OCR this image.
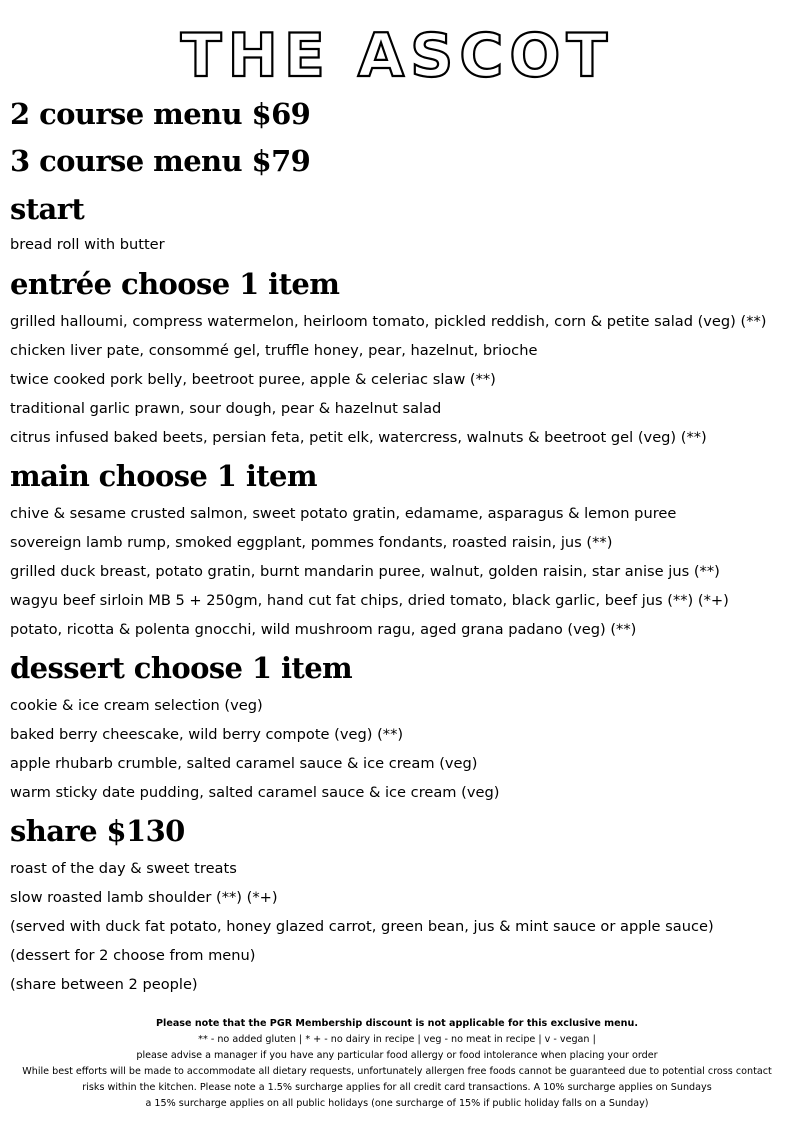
THE ASCOT
2 course menu $69
3 course menu $79
start

bread roll with butter

entrée choose 1 item

grilled halloumi, compress watermelon, heirloom tomato, pickled reddish, corn & petite salad (veg) (**)

chicken liver pate, consommé gel, truffle honey, pear, hazelnut, brioche

twice cooked pork belly, beetroot puree, apple & celeriac slaw (**)

traditional garlic prawn, sour dough, pear & hazelnut salad

citrus infused baked beets, persian feta, petit elk, watercress, walnuts & beetroot gel (veg) (**)

main choose 1 item

chive & sesame crusted salmon, sweet potato gratin, edamame, asparagus & lemon puree

sovereign lamb rump, smoked eggplant, pommes fondants, roasted raisin, jus (**)

grilled duck breast, potato gratin, burnt mandarin puree, walnut, golden raisin, star anise jus (**)

wagyu beef sirloin MB 5 + 250gm, hand cut fat chips, dried tomato, black garlic, beef jus (**) (*+)

potato, ricotta & polenta gnocchi, wild mushroom ragu, aged grana padano (veg) (**)

dessert choose 1 item

cookie & ice cream selection (veg)

baked berry cheescake, wild berry compote (veg) (**)

apple rhubarb crumble, salted caramel sauce & ice cream (veg)

warm sticky date pudding, salted caramel sauce & ice cream (veg)

share $130

roast of the day & sweet treats

slow roasted lamb shoulder (**) (*+)

(served with duck fat potato, honey glazed carrot, green bean, jus & mint sauce or apple sauce)

(dessert for 2 choose from menu)

(share between 2 people)

Please note that the PGR Membership discount is not applicable for this exclusive menu.
** - no added gluten | * + - no dairy in recipe | veg - no meat in recipe | v - vegan |
please advise a manager if you have any particular food allergy or food intolerance when placing your order
While best efforts will be made to accommodate all dietary requests, unfortunately allergen free foods cannot be guaranteed due to potential cross contact
risks within the kitchen. Please note a 1.5% surcharge applies for all credit card transactions. A 10% surcharge applies on Sundays
a 15% surcharge applies on all public holidays (one surcharge of 15% if public holiday falls on a Sunday)
